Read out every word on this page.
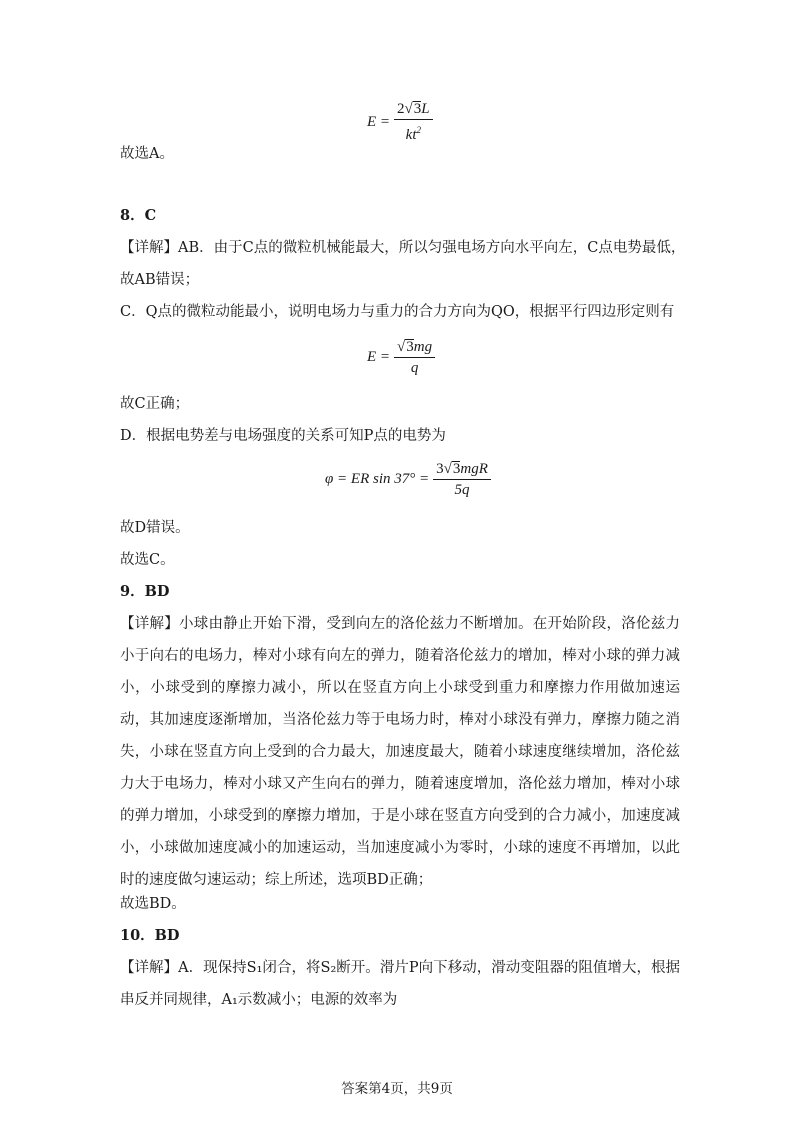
$E = \frac{2 √ 3 L}{kt^2}$
故选A。
8．C
【详解】AB．由于C点的微粒机械能最大，所以匀强电场方向水平向左，C点电势最低，
故AB错误；
C．Q点的微粒动能最小，说明电场力与重力的合力方向为QO，根据平行四边形定则有
$E = \frac{√ 3 mg}{q}$
故C正确；
D．根据电势差与电场强度的关系可知P点的电势为
φ = ER $\sin 37^\circ = \frac{\text{3 √ 3 mgR}}{5q}$
故D错误。
故选C。
9．BD

【详解】小球由静止开始下滑，受到向左的洛伦兹力不断增加。在开始阶段，洛伦兹力小于向右的电场力，棒对小球有向左的弹力，随着洛伦兹力的增加，棒对小球的弹力减小，小球受到的摩擦力减小，所以在竖直方向上小球受到重力和摩擦力作用做加速运动，其加速度逐渐增加，当洛伦兹力等于电场力时，棒对小球没有弹力，摩擦力随之消失，小球在竖直方向上受到的合力最大，加速度最大，随着小球速度继续增加，洛伦兹力大于电场力，棒对小球又产生向右的弹力，随着速度增加，洛伦兹力增加，棒对小球的弹力增加，小球受到的摩擦力增加，于是小球在竖直方向受到的合力减小，加速度减小，小球做加速度减小的加速运动，当加速度减小为零时，小球的速度不再增加，以此时的速度做匀速运动；综上所述，选项BD正确；

故选BD。
10．BD

【详解】A．现保持S₁闭合，将S₂断开。滑片P向下移动，滑动变阻器的阻值增大，根据串反并同规律，A₁示数减小；电源的效率为

答案第4页，共9页
